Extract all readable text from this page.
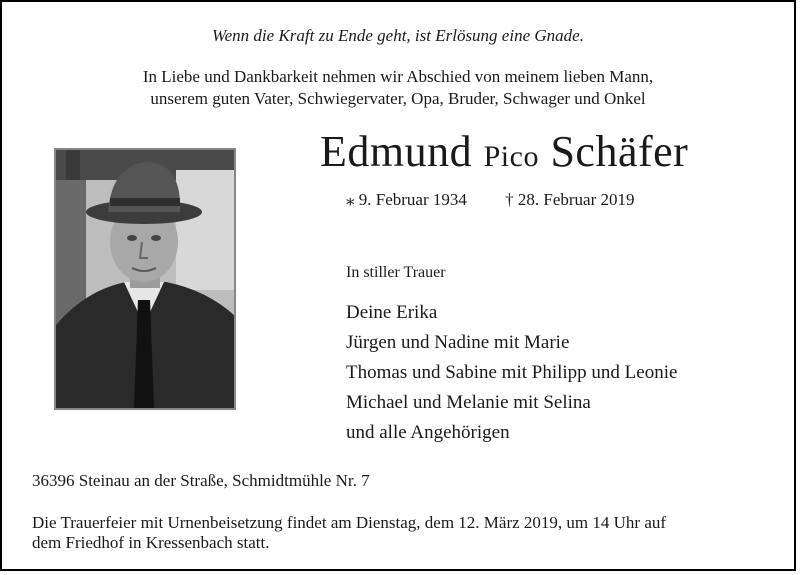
Wenn die Kraft zu Ende geht, ist Erlösung eine Gnade.
In Liebe und Dankbarkeit nehmen wir Abschied von meinem lieben Mann,
unserem guten Vater, Schwiegervater, Opa, Bruder, Schwager und Onkel
Edmund Pico Schäfer
⁎ 9. Februar 1934 † 28. Februar 2019
In stiller Trauer
Deine Erika
Jürgen und Nadine mit Marie
Thomas und Sabine mit Philipp und Leonie
Michael und Melanie mit Selina
und alle Angehörigen
36396 Steinau an der Straße, Schmidtmühle Nr. 7
Die Trauerfeier mit Urnenbeisetzung findet am Dienstag, dem 12. März 2019, um 14 Uhr auf
dem Friedhof in Kressenbach statt.
